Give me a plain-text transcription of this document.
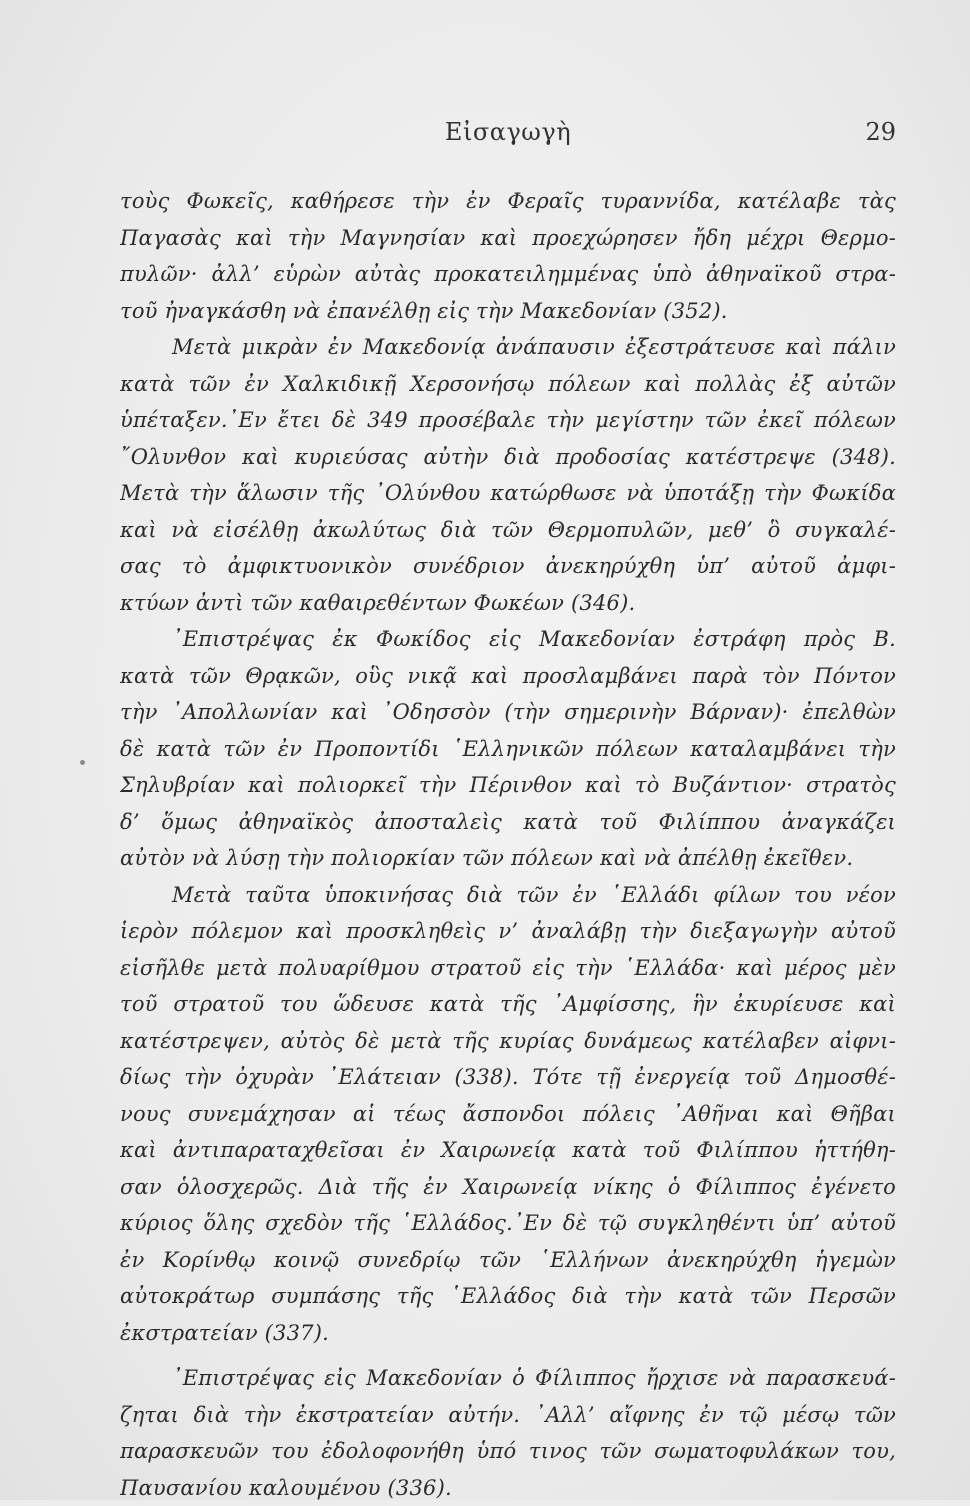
Εἰσαγωγὴ	29
τοὺς Φωκεῖς, καθήρεσε τὴν ἐν Φεραῖς τυραννίδα, κατέλαβε τὰς
Παγασὰς καὶ τὴν Μαγνησίαν καὶ προεχώρησεν ἤδη μέχρι Θερμο-
πυλῶν· ἀλλ’ εὑρὼν αὐτὰς προκατειλημμένας ὑπὸ ἀθηναϊκοῦ στρα-
τοῦ ἠναγκάσθη νὰ ἐπανέλθῃ εἰς τὴν Μακεδονίαν (352).
Μετὰ μικρὰν ἐν Μακεδονίᾳ ἀνάπαυσιν ἐξεστράτευσε καὶ πάλιν
κατὰ τῶν ἐν Χαλκιδικῇ Χερσονήσῳ πόλεων καὶ πολλὰς ἐξ αὐτῶν
ὑπέταξεν.᾿Εν ἔτει δὲ 349 προσέβαλε τὴν μεγίστην τῶν ἐκεῖ πόλεων
῎Ολυνθον καὶ κυριεύσας αὐτὴν διὰ προδοσίας κατέστρεψε (348).
Μετὰ τὴν ἅλωσιν τῆς ᾿Ολύνθου κατώρθωσε νὰ ὑποτάξῃ τὴν Φωκίδα
καὶ νὰ εἰσέλθῃ ἀκωλύτως διὰ τῶν Θερμοπυλῶν, μεθ’ ὃ συγκαλέ-
σας τὸ ἀμφικτυονικὸν συνέδριον ἀνεκηρύχθη ὑπ’ αὐτοῦ ἀμφι-
κτύων ἀντὶ τῶν καθαιρεθέντων Φωκέων (346).
᾿Επιστρέψας ἐκ Φωκίδος εἰς Μακεδονίαν ἐστράφη πρὸς Β.
κατὰ τῶν Θρᾳκῶν, οὓς νικᾷ καὶ προσλαμβάνει παρὰ τὸν Πόντον
τὴν ᾿Απολλωνίαν καὶ ᾿Οδησσὸν (τὴν σημερινὴν Βάρναν)· ἐπελθὼν
δὲ κατὰ τῶν ἐν Προποντίδι ῾Ελληνικῶν πόλεων καταλαμβάνει τὴν
Σηλυβρίαν καὶ πολιορκεῖ τὴν Πέρινθον καὶ τὸ Βυζάντιον· στρατὸς
δ’ ὅμως ἀθηναϊκὸς ἀποσταλεὶς κατὰ τοῦ Φιλίππου ἀναγκάζει
αὐτὸν νὰ λύσῃ τὴν πολιορκίαν τῶν πόλεων καὶ νὰ ἀπέλθῃ ἐκεῖθεν.
Μετὰ ταῦτα ὑποκινήσας διὰ τῶν ἐν ῾Ελλάδι φίλων του νέον
ἱερὸν πόλεμον καὶ προσκληθεὶς ν’ ἀναλάβῃ τὴν διεξαγωγὴν αὐτοῦ
εἰσῆλθε μετὰ πολυαρίθμου στρατοῦ εἰς τὴν ῾Ελλάδα· καὶ μέρος μὲν
τοῦ στρατοῦ του ὥδευσε κατὰ τῆς ᾿Αμφίσσης, ἣν ἐκυρίευσε καὶ
κατέστρεψεν, αὐτὸς δὲ μετὰ τῆς κυρίας δυνάμεως κατέλαβεν αἰφνι-
δίως τὴν ὀχυρὰν ᾿Ελάτειαν (338). Τότε τῇ ἐνεργείᾳ τοῦ Δημοσθέ-
νους συνεμάχησαν αἱ τέως ἄσπονδοι πόλεις ᾿Αθῆναι καὶ Θῆβαι
καὶ ἀντιπαραταχθεῖσαι ἐν Χαιρωνείᾳ κατὰ τοῦ Φιλίππου ἡττήθη-
σαν ὁλοσχερῶς. Διὰ τῆς ἐν Χαιρωνείᾳ νίκης ὁ Φίλιππος ἐγένετο
κύριος ὅλης σχεδὸν τῆς ῾Ελλάδος.᾿Εν δὲ τῷ συγκληθέντι ὑπ’ αὐτοῦ
ἐν Κορίνθῳ κοινῷ συνεδρίῳ τῶν ῾Ελλήνων ἀνεκηρύχθη ἡγεμὼν
αὐτοκράτωρ συμπάσης τῆς ῾Ελλάδος διὰ τὴν κατὰ τῶν Περσῶν
ἐκστρατείαν (337).
᾿Επιστρέψας εἰς Μακεδονίαν ὁ Φίλιππος ἤρχισε νὰ παρασκευά-
ζηται διὰ τὴν ἐκστρατείαν αὐτήν. ᾿Αλλ’ αἴφνης ἐν τῷ μέσῳ τῶν
παρασκευῶν του ἐδολοφονήθη ὑπό τινος τῶν σωματοφυλάκων του,
Παυσανίου καλουμένου (336).
